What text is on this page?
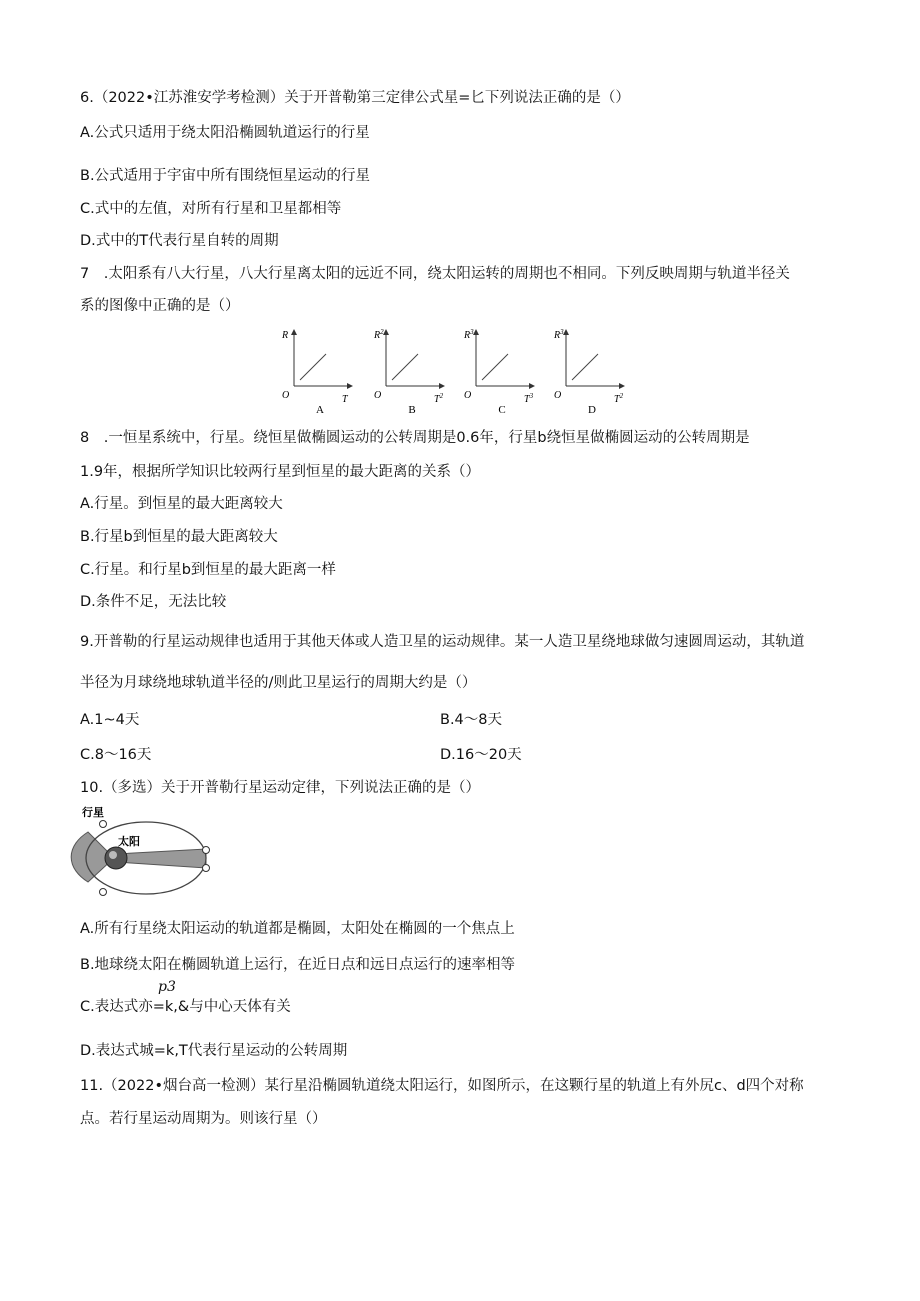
6.（2022•江苏淮安学考检测）关于开普勒第三定律公式星=匕下列说法正确的是（）
A.公式只适用于绕太阳沿椭圆轨道运行的行星
B.公式适用于宇宙中所有围绕恒星运动的行星
C.式中的左值，对所有行星和卫星都相等
D.式中的T代表行星自转的周期
7　.太阳系有八大行星，八大行星离太阳的远近不同，绕太阳运转的周期也不相同。下列反映周期与轨道半径关
系的图像中正确的是（）
R
O	T
A
$R^2$
O	$T^2$
B
$R^3$
O	$T^3$
C
$R^3$
O	$T^2$
D
8　.一恒星系统中，行星。绕恒星做椭圆运动的公转周期是0.6年，行星b绕恒星做椭圆运动的公转周期是
1.9年，根据所学知识比较两行星到恒星的最大距离的关系（）
A.行星。到恒星的最大距离较大
B.行星b到恒星的最大距离较大
C.行星。和行星b到恒星的最大距离一样
D.条件不足，无法比较
9.开普勒的行星运动规律也适用于其他天体或人造卫星的运动规律。某一人造卫星绕地球做匀速圆周运动，其轨道
半径为月球绕地球轨道半径的/则此卫星运行的周期大约是（）
A.1~4天	B.4～8天
C.8～16天	D.16～20天
10.（多选）关于开普勒行星运动定律，下列说法正确的是（）
行星
太阳
A.所有行星绕太阳运动的轨道都是椭圆，太阳处在椭圆的一个焦点上
B.地球绕太阳在椭圆轨道上运行，在近日点和远日点运行的速率相等
p3
C.表达式亦=k,&与中心天体有关
D.表达式城=k,T代表行星运动的公转周期
11.（2022•烟台高一检测）某行星沿椭圆轨道绕太阳运行，如图所示，在这颗行星的轨道上有外尻c、d四个对称
点。若行星运动周期为。则该行星（）
